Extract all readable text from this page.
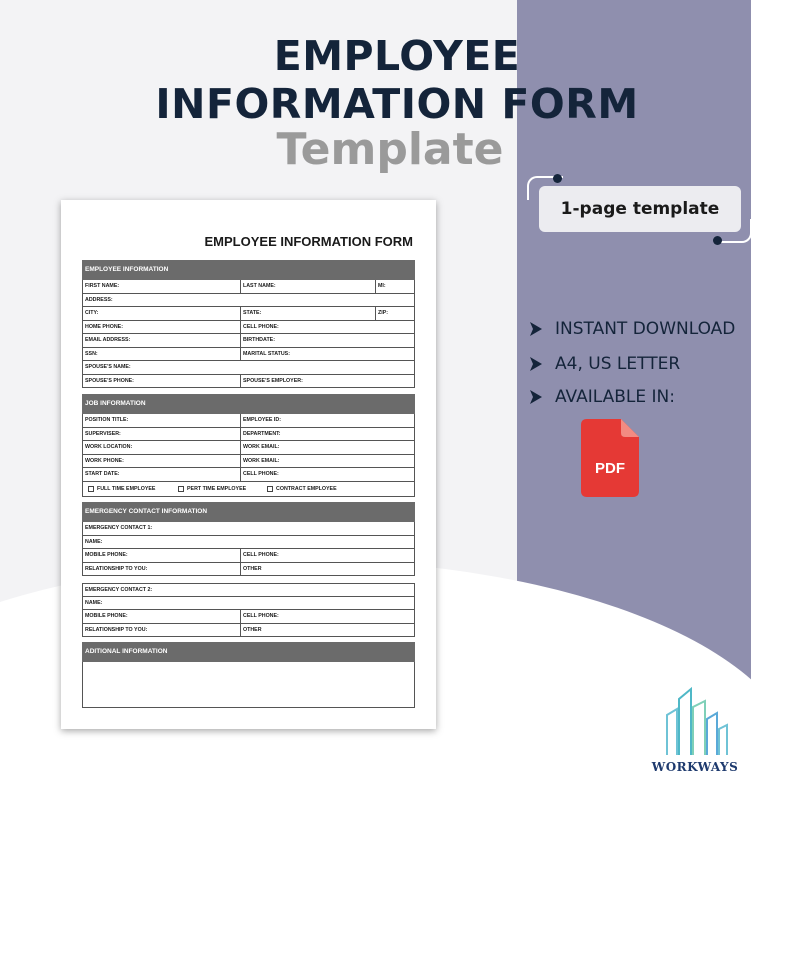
EMPLOYEE
INFORMATION FORM
Template
1-page template
INSTANT DOWNLOAD
A4, US LETTER
AVAILABLE IN:
PDF
WORKWAYS
EMPLOYEE INFORMATION FORM
EMPLOYEE INFORMATION
FIRST NAME:	LAST NAME:	MI:
ADDRESS:
CITY:	STATE:	ZIP:
HOME PHONE:	CELL PHONE:
EMAIL ADDRESS:	BIRTHDATE:
SSN:	MARITAL STATUS:
SPOUSE'S NAME:
SPOUSE'S PHONE:	SPOUSE'S EMPLOYER:
JOB INFORMATION
POSITION TITLE:	EMPLOYEE ID:
SUPERVISER:	DEPARTMENT:
WORK LOCATION:	WORK EMAIL:
WORK PHONE:	WORK EMAIL:
START DATE:	CELL PHONE:
FULL TIME EMPLOYEE	PERT TIME EMPLOYEE	CONTRACT EMPLOYEE
EMERGENCY CONTACT INFORMATION
EMERGENCY CONTACT 1:
NAME:
MOBILE PHONE:	CELL PHONE:
RELATIONSHIP TO YOU:	OTHER
EMERGENCY CONTACT 2:
NAME:
MOBILE PHONE:	CELL PHONE:
RELATIONSHIP TO YOU:	OTHER
ADITIONAL INFORMATION
